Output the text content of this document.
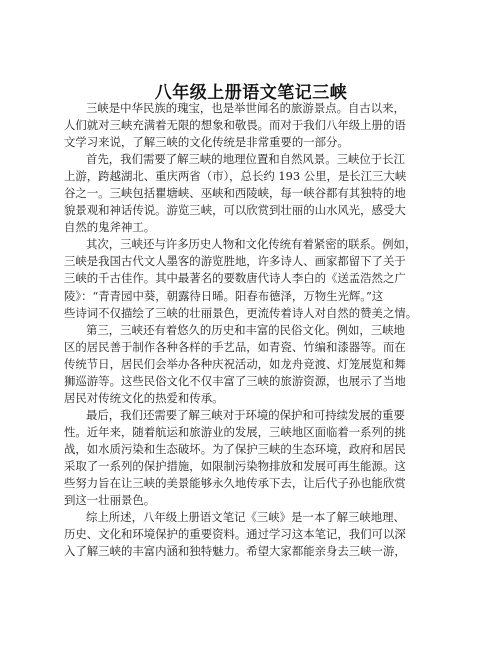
八年级上册语文笔记三峡
三峡是中华民族的瑰宝，也是举世闻名的旅游景点。自古以来，
人们就对三峡充满着无限的想象和敬畏。而对于我们八年级上册的语
文学习来说，了解三峡的文化传统是非常重要的一部分。
首先，我们需要了解三峡的地理位置和自然风景。三峡位于长江
上游，跨越湖北、重庆两省（市），总长约 193 公里，是长江三大峡
谷之一。三峡包括瞿塘峡、巫峡和西陵峡，每一峡谷都有其独特的地
貌景观和神话传说。游览三峡，可以欣赏到壮丽的山水风光，感受大
自然的鬼斧神工。
其次，三峡还与许多历史人物和文化传统有着紧密的联系。例如，
三峡是我国古代文人墨客的游览胜地，许多诗人、画家都留下了关于
三峡的千古佳作。其中最著名的要数唐代诗人李白的《送孟浩然之广
陵》：“青青园中葵，朝露待日晞。阳春布德泽，万物生光辉。”这
些诗词不仅描绘了三峡的壮丽景色，更流传着诗人对自然的赞美之情。
第三，三峡还有着悠久的历史和丰富的民俗文化。例如，三峡地
区的居民善于制作各种各样的手艺品，如青瓷、竹编和漆器等。而在
传统节日，居民们会举办各种庆祝活动，如龙舟竞渡、灯笼展览和舞
狮巡游等。这些民俗文化不仅丰富了三峡的旅游资源，也展示了当地
居民对传统文化的热爱和传承。
最后，我们还需要了解三峡对于环境的保护和可持续发展的重要
性。近年来，随着航运和旅游业的发展，三峡地区面临着一系列的挑
战，如水质污染和生态破坏。为了保护三峡的生态环境，政府和居民
采取了一系列的保护措施，如限制污染物排放和发展可再生能源。这
些努力旨在让三峡的美景能够永久地传承下去，让后代子孙也能欣赏
到这一壮丽景色。
综上所述，八年级上册语文笔记《三峡》是一本了解三峡地理、
历史、文化和环境保护的重要资料。通过学习这本笔记，我们可以深
入了解三峡的丰富内涵和独特魅力。希望大家都能亲身去三峡一游，
